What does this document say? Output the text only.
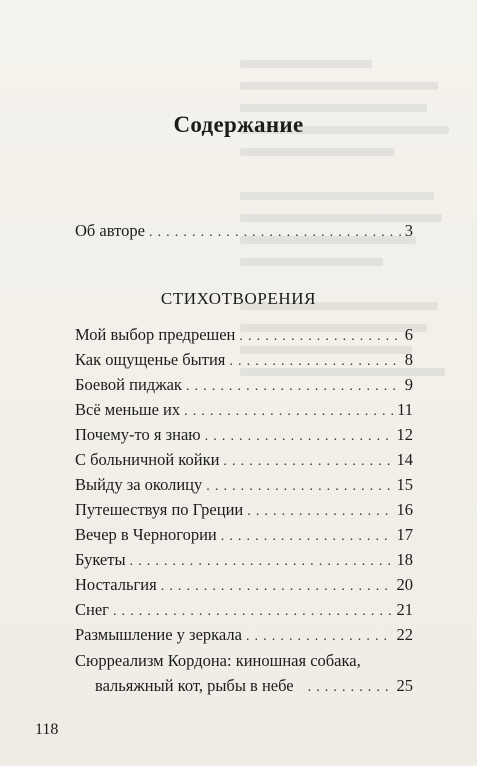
Содержание
Об авторе . . .	3
СТИХОТВОРЕНИЯ
Мой выбор предрешен . . .	6
Как ощущенье бытия . . .	8
Боевой пиджак . . .	9
Всё меньше их . . .	11
Почему-то я знаю . . .	12
С больничной койки . . .	14
Выйду за околицу . . .	15
Путешествуя по Греции . . .	16
Вечер в Черногории . . .	17
Букеты . . .	18
Ностальгия . . .	20
Снег . . .	21
Размышление у зеркала . . .	22
Сюрреализм Кордона: киношная собака,
вальяжный кот, рыбы в небе . . .	25
118
